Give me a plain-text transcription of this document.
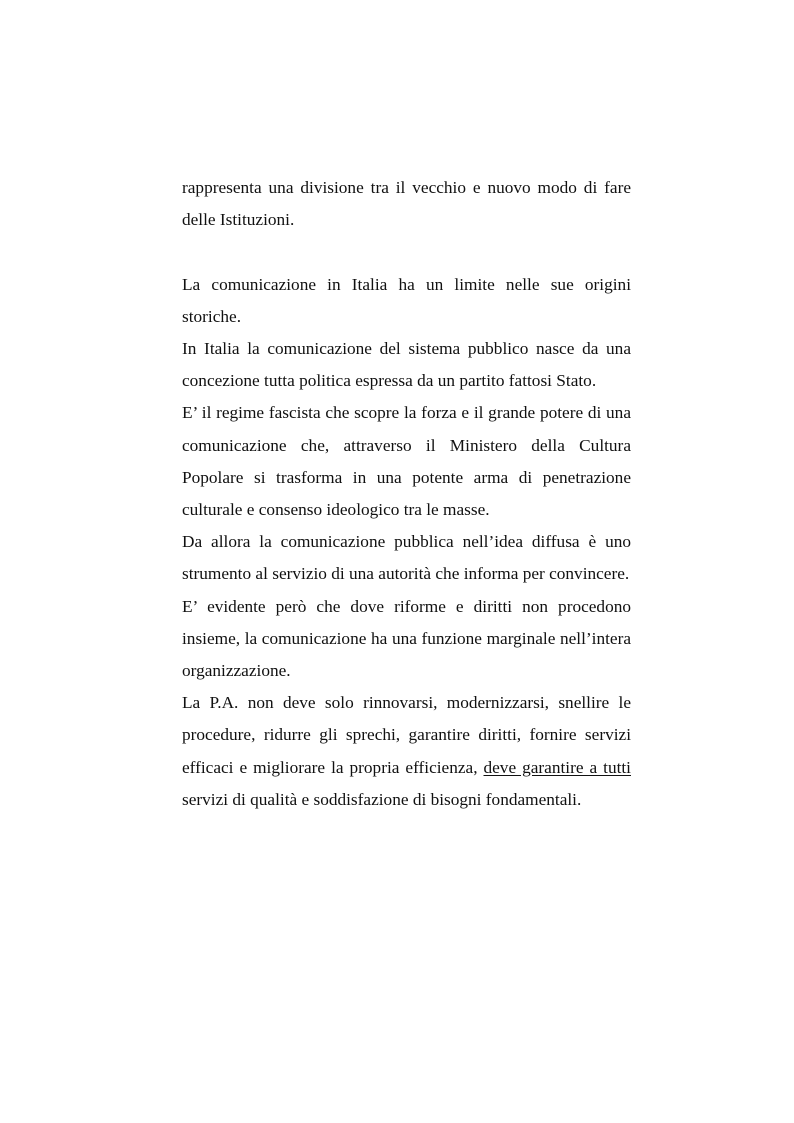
rappresenta una divisione tra il vecchio e nuovo modo di fare delle Istituzioni.

La comunicazione in Italia ha un limite nelle sue origini storiche.

In Italia la comunicazione del sistema pubblico nasce da una concezione tutta politica espressa da un partito fattosi Stato.

E’ il regime fascista che scopre la forza e il grande potere di una comunicazione che, attraverso il Ministero della Cultura Popolare si trasforma in una potente arma di penetrazione culturale e consenso ideologico tra le masse.

Da allora la comunicazione pubblica nell’idea diffusa è uno strumento al servizio di una autorità che informa per convincere.

E’ evidente però che dove riforme e diritti non procedono insieme, la comunicazione ha una funzione marginale nell’intera organizzazione.

La P.A. non deve solo rinnovarsi, modernizzarsi, snellire le procedure, ridurre gli sprechi, garantire diritti, fornire servizi efficaci e migliorare la propria efficienza, deve garantire a tutti servizi di qualità e soddisfazione di bisogni fondamentali.
